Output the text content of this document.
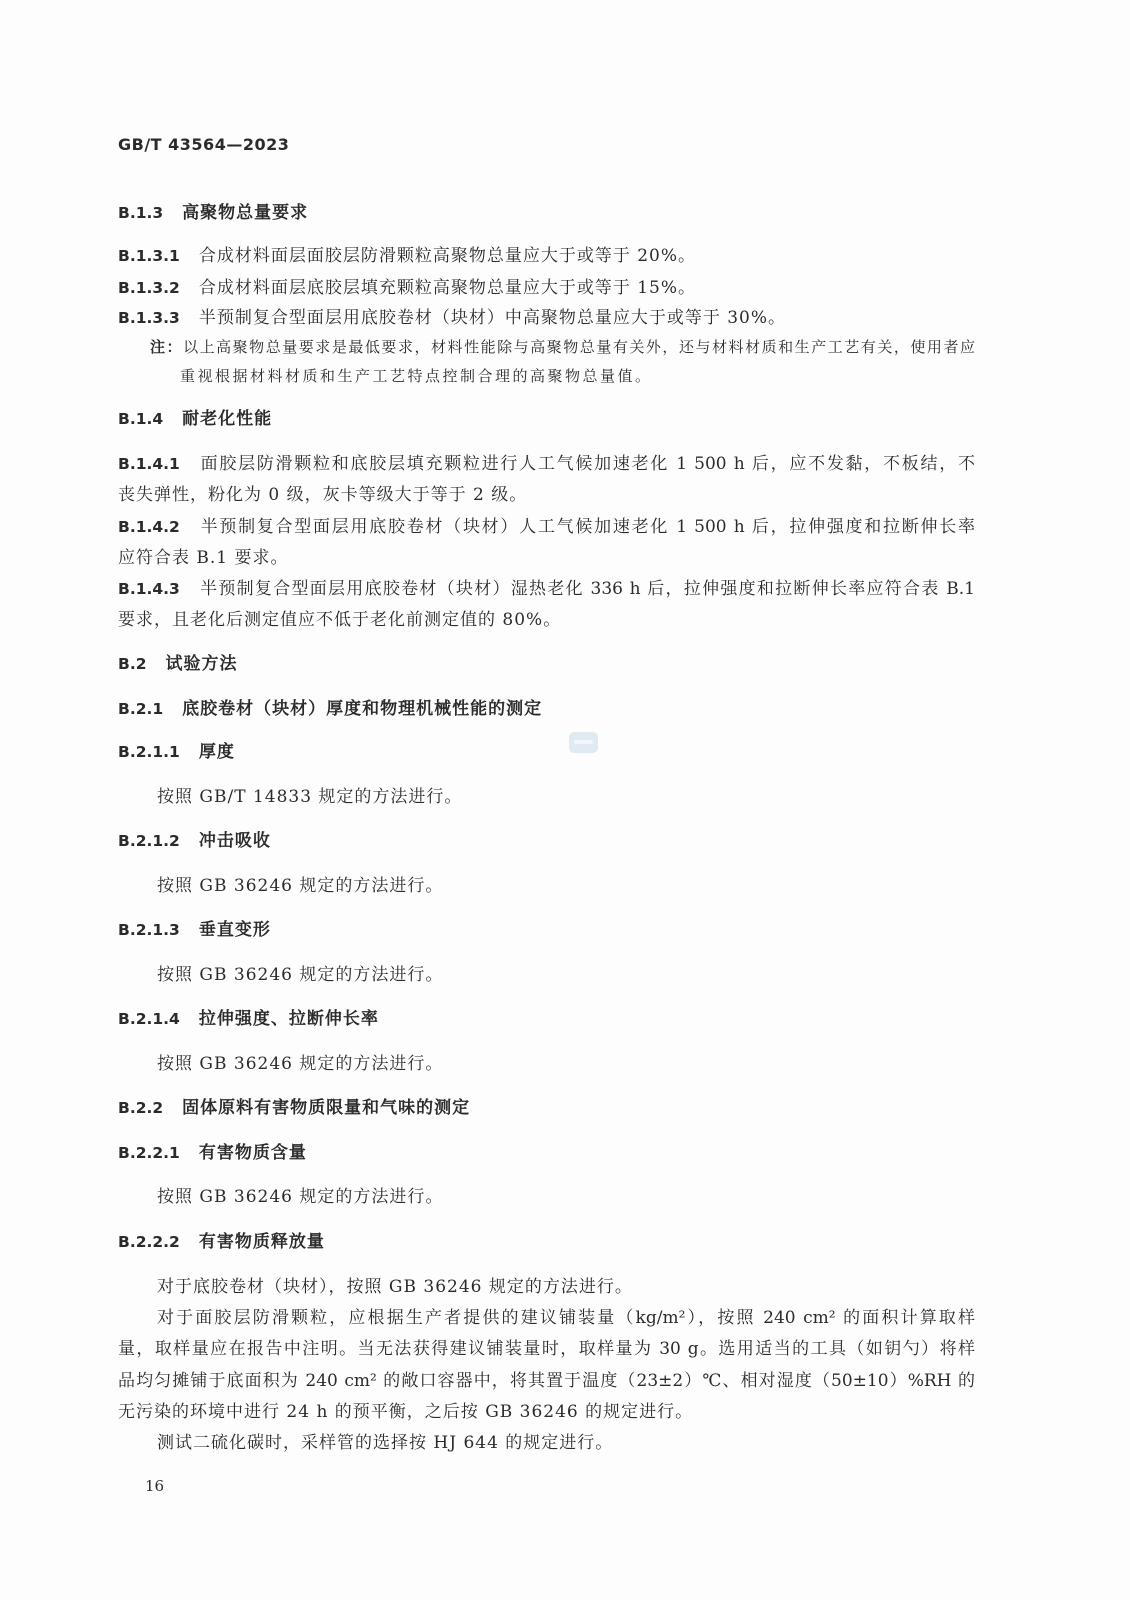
GB/T 43564—2023
B.1.3 高聚物总量要求
B.1.3.1 合成材料面层面胶层防滑颗粒高聚物总量应大于或等于 20%。
B.1.3.2 合成材料面层底胶层填充颗粒高聚物总量应大于或等于 15%。
B.1.3.3 半预制复合型面层用底胶卷材（块材）中高聚物总量应大于或等于 30%。
注：以上高聚物总量要求是最低要求，材料性能除与高聚物总量有关外，还与材料材质和生产工艺有关，使用者应
重视根据材料材质和生产工艺特点控制合理的高聚物总量值。
B.1.4 耐老化性能
B.1.4.1 面胶层防滑颗粒和底胶层填充颗粒进行人工气候加速老化 1 500 h 后，应不发黏，不板结，不
丧失弹性，粉化为 0 级，灰卡等级大于等于 2 级。
B.1.4.2 半预制复合型面层用底胶卷材（块材）人工气候加速老化 1 500 h 后，拉伸强度和拉断伸长率
应符合表 B.1 要求。
B.1.4.3 半预制复合型面层用底胶卷材（块材）湿热老化 336 h 后，拉伸强度和拉断伸长率应符合表 B.1
要求，且老化后测定值应不低于老化前测定值的 80%。
B.2 试验方法
B.2.1 底胶卷材（块材）厚度和物理机械性能的测定
B.2.1.1 厚度
按照 GB/T 14833 规定的方法进行。
B.2.1.2 冲击吸收
按照 GB 36246 规定的方法进行。
B.2.1.3 垂直变形
按照 GB 36246 规定的方法进行。
B.2.1.4 拉伸强度、拉断伸长率
按照 GB 36246 规定的方法进行。
B.2.2 固体原料有害物质限量和气味的测定
B.2.2.1 有害物质含量
按照 GB 36246 规定的方法进行。
B.2.2.2 有害物质释放量
对于底胶卷材（块材），按照 GB 36246 规定的方法进行。
对于面胶层防滑颗粒，应根据生产者提供的建议铺装量（kg/m²），按照 240 cm² 的面积计算取样
量，取样量应在报告中注明。当无法获得建议铺装量时，取样量为 30 g。选用适当的工具（如钥勺）将样
品均匀摊铺于底面积为 240 cm² 的敞口容器中，将其置于温度（23±2）℃、相对湿度（50±10）%RH 的
无污染的环境中进行 24 h 的预平衡，之后按 GB 36246 的规定进行。
测试二硫化碳时，采样管的选择按 HJ 644 的规定进行。
16
